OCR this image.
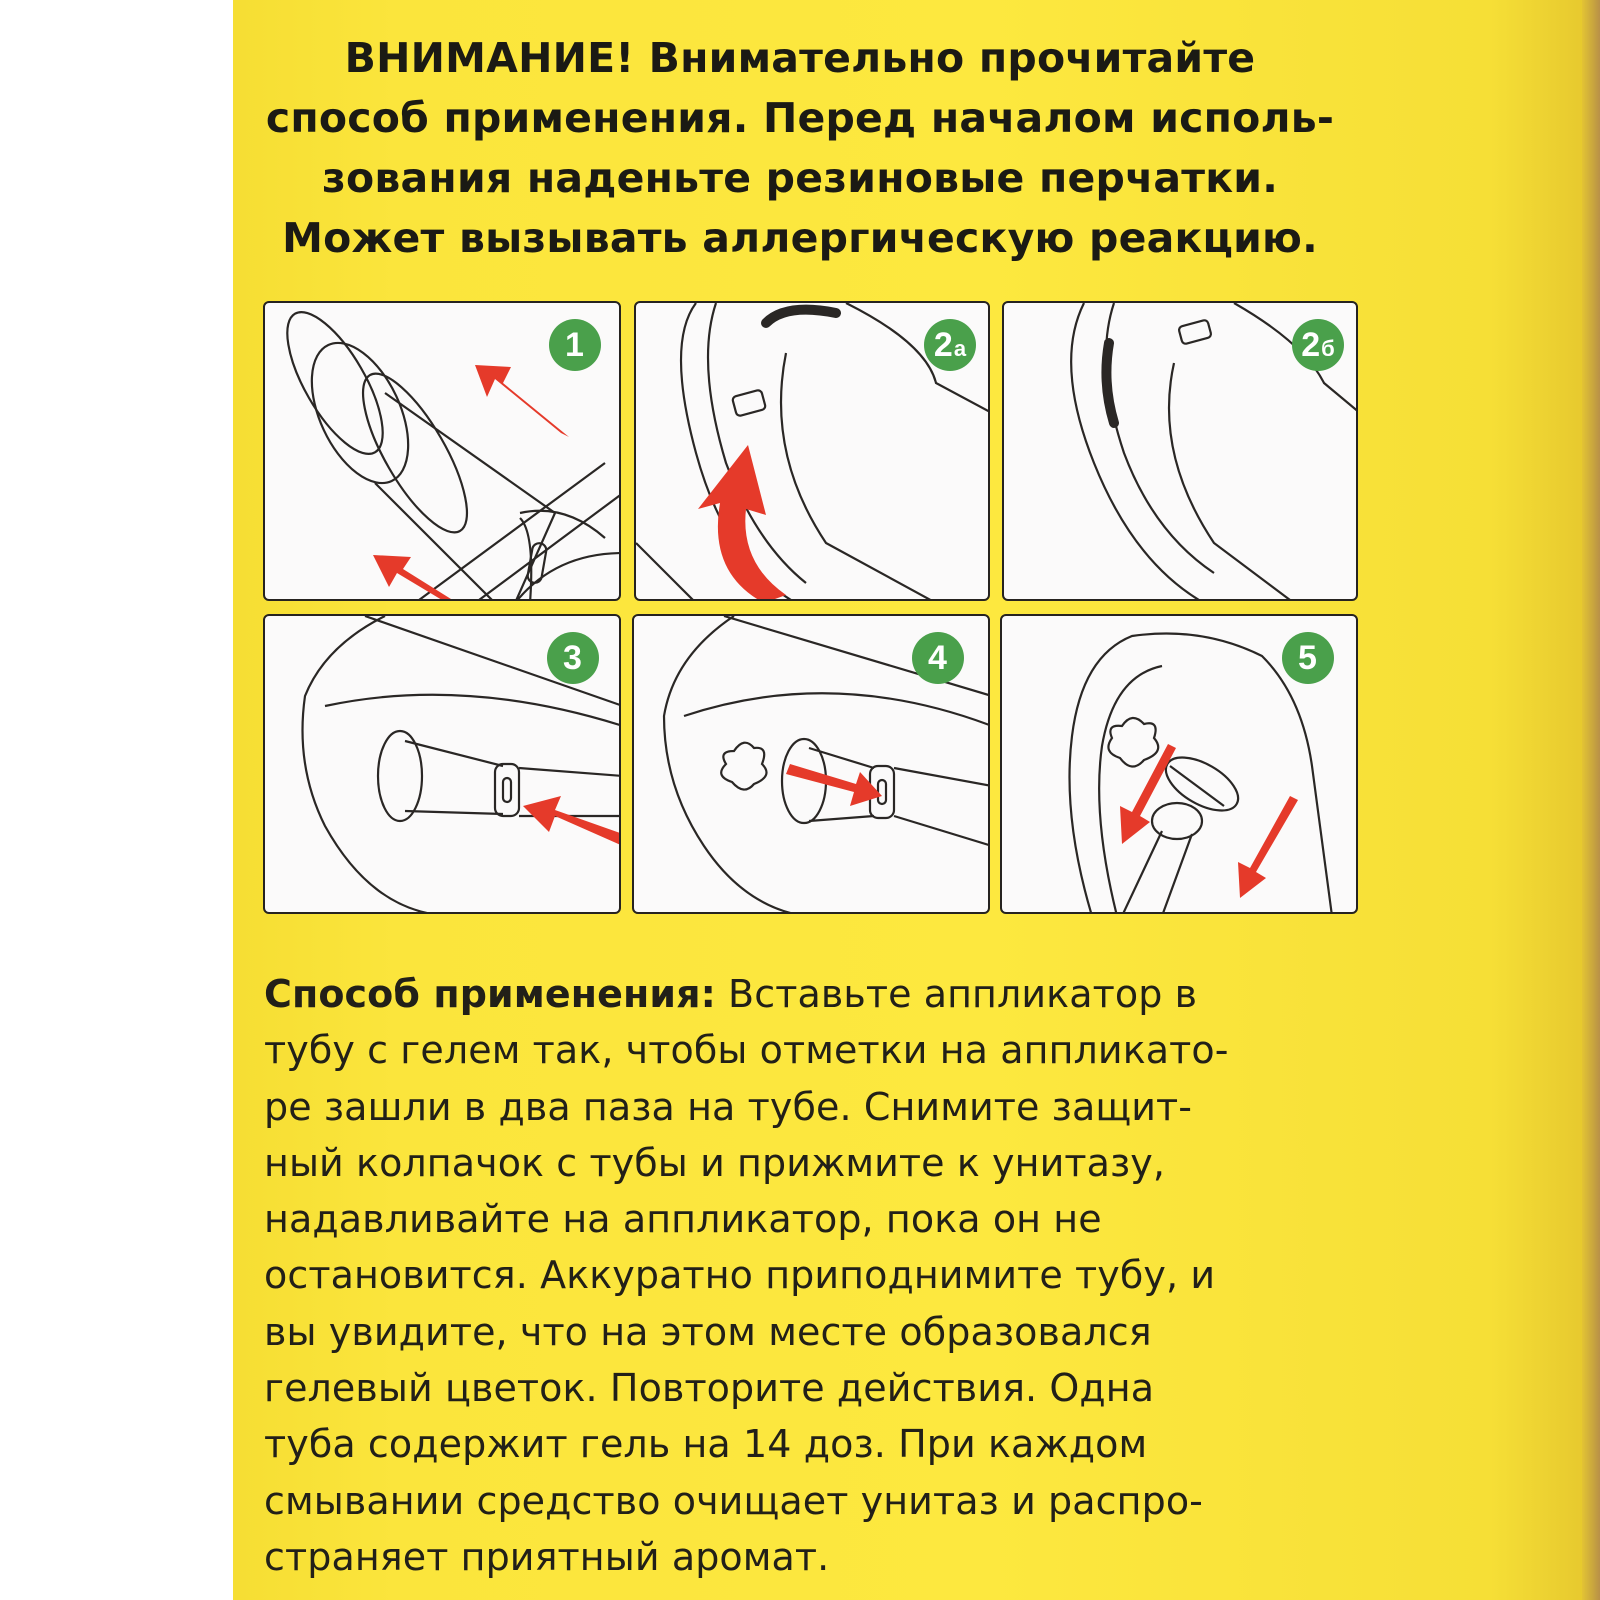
ВНИМАНИЕ! Внимательно прочитайте
способ применения. Перед началом исполь-
зования наденьте резиновые перчатки.
Может вызывать аллергическую реакцию.
1	2 а	2 б
3	4	5
Способ применения: Вставьте аппликатор в
тубу с гелем так, чтобы отметки на аппликато-
ре зашли в два паза на тубе. Снимите защит-
ный колпачок с тубы и прижмите к унитазу,
надавливайте на аппликатор, пока он не
остановится. Аккуратно приподнимите тубу, и
вы увидите, что на этом месте образовался
гелевый цветок. Повторите действия. Одна
туба содержит гель на 14 доз. При каждом
смывании средство очищает унитаз и распро-
страняет приятный аромат.
